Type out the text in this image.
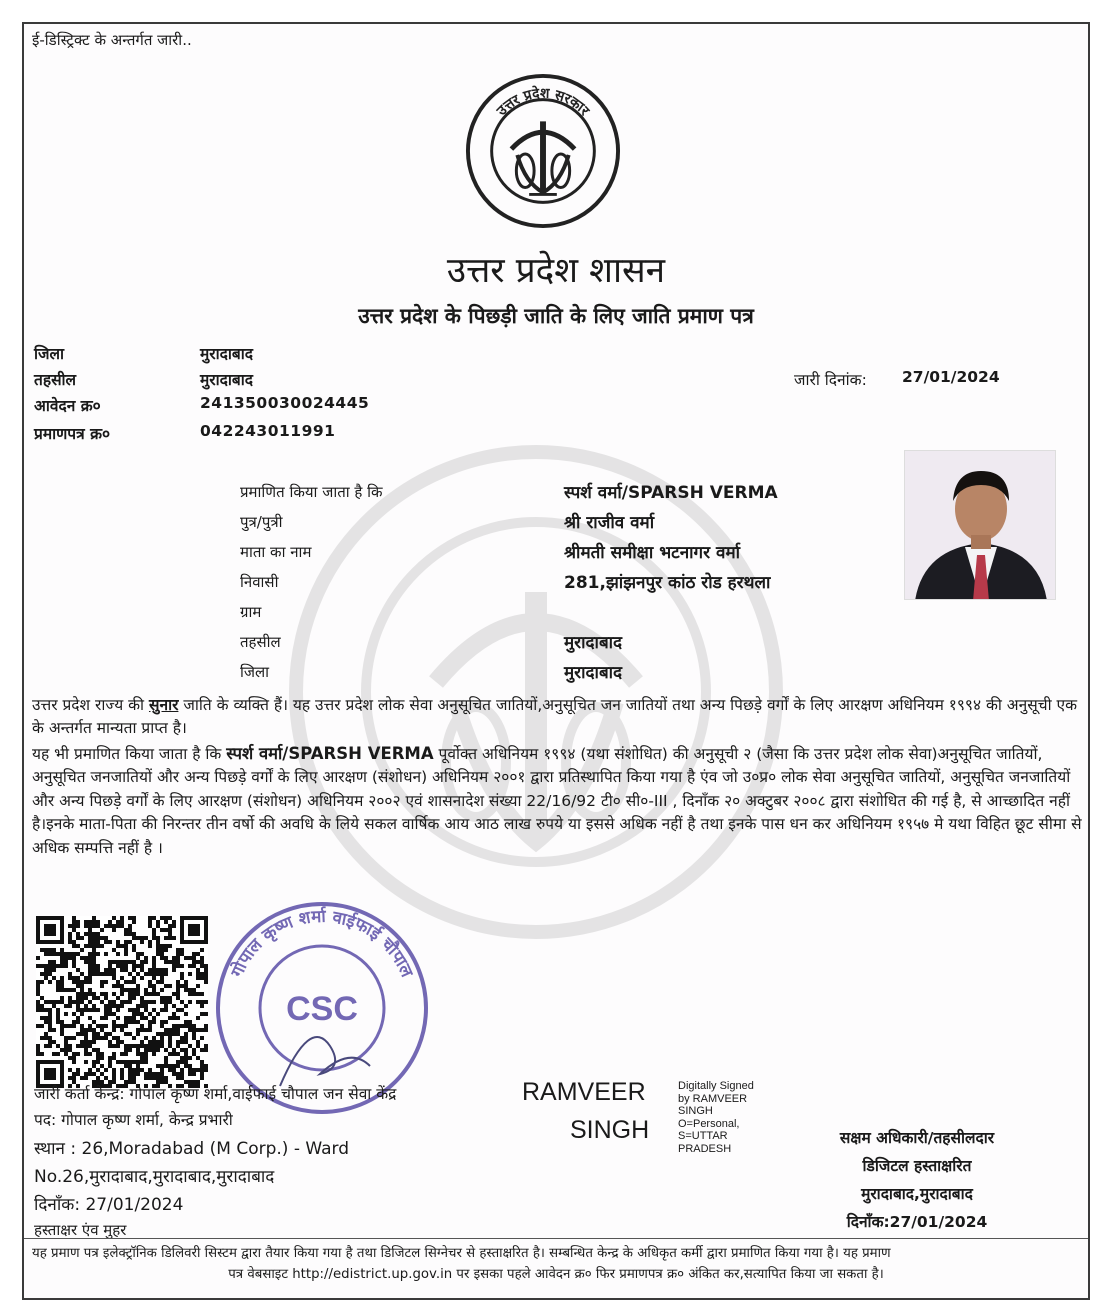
ई-डिस्ट्रिक्ट के अन्तर्गत जारी..
उत्तर प्रदेश सरकार
उत्तर प्रदेश शासन
उत्तर प्रदेश के पिछड़ी जाति के लिए जाति प्रमाण पत्र
जिला	मुरादाबाद
तहसील	मुरादाबाद
आवेदन क्र०	241350030024445
प्रमाणपत्र क्र०	042243011991
जारी दिनांक: 27/01/2024
प्रमाणित किया जाता है कि	स्पर्श वर्मा/SPARSH VERMA
पुत्र/पुत्री	श्री राजीव वर्मा
माता का नाम	श्रीमती समीक्षा भटनागर वर्मा
निवासी	281,झांझनपुर कांठ रोड हरथला
ग्राम
तहसील	मुरादाबाद
जिला	मुरादाबाद
उत्तर प्रदेश राज्य की सुनार जाति के व्यक्ति हैं। यह उत्तर प्रदेश लोक सेवा अनुसूचित जातियों,अनुसूचित जन जातियों तथा अन्य पिछड़े वर्गों के लिए आरक्षण अधिनियम १९९४ की अनुसूची एक के अन्तर्गत मान्यता प्राप्त है।
यह भी प्रमाणित किया जाता है कि स्पर्श वर्मा/SPARSH VERMA पूर्वोक्त अधिनियम १९९४ (यथा संशोधित) की अनुसूची २ (जैसा कि उत्तर प्रदेश लोक सेवा)अनुसूचित जातियों, अनुसूचित जनजातियों और अन्य पिछड़े वर्गों के लिए आरक्षण (संशोधन) अधिनियम २००१ द्वारा प्रतिस्थापित किया गया है एंव जो उ०प्र० लोक सेवा अनुसूचित जातियों, अनुसूचित जनजातियों और अन्य पिछड़े वर्गों के लिए आरक्षण (संशोधन) अधिनियम २००२ एवं शासनादेश संख्या 22/16/92 टी० सी०-III , दिनाँक २० अक्टुबर २००८ द्वारा संशोधित की गई है, से आच्छादित नहीं है।इनके माता-पिता की निरन्तर तीन वर्षो की अवधि के लिये सकल वार्षिक आय आठ लाख रुपये या इससे अधिक नहीं है तथा इनके पास धन कर अधिनियम १९५७ मे यथा विहित छूट सीमा से अधिक सम्पत्ति नहीं है ।
गोपाल कृष्ण शर्मा वाईफाई चौपाल
CSC
जारी कर्ता केन्द्र: गोपाल कृष्ण शर्मा,वाईफाई चौपाल जन सेवा केंद्र
पद: गोपाल कृष्ण शर्मा, केन्द्र प्रभारी
स्थान : 26,Moradabad (M Corp.) - Ward
No.26,मुरादाबाद,मुरादाबाद,मुरादाबाद
दिनाँक: 27/01/2024
हस्ताक्षर एंव मुहर
RAMVEER
SINGH
Digitally Signed
by RAMVEER
SINGH
O=Personal,
S=UTTAR
PRADESH
सक्षम अधिकारी/तहसीलदार
डिजिटल हस्ताक्षरित
मुरादाबाद,मुरादाबाद
दिनाँक:27/01/2024
यह प्रमाण पत्र इलेक्ट्रॉनिक डिलिवरी सिस्टम द्वारा तैयार किया गया है तथा डिजिटल सिग्नेचर से हस्ताक्षरित है। सम्बन्धित केन्द्र के अधिकृत कर्मी द्वारा प्रमाणित किया गया है। यह प्रमाण
पत्र वेबसाइट http://edistrict.up.gov.in पर इसका पहले आवेदन क्र० फिर प्रमाणपत्र क्र० अंकित कर,सत्यापित किया जा सकता है।
